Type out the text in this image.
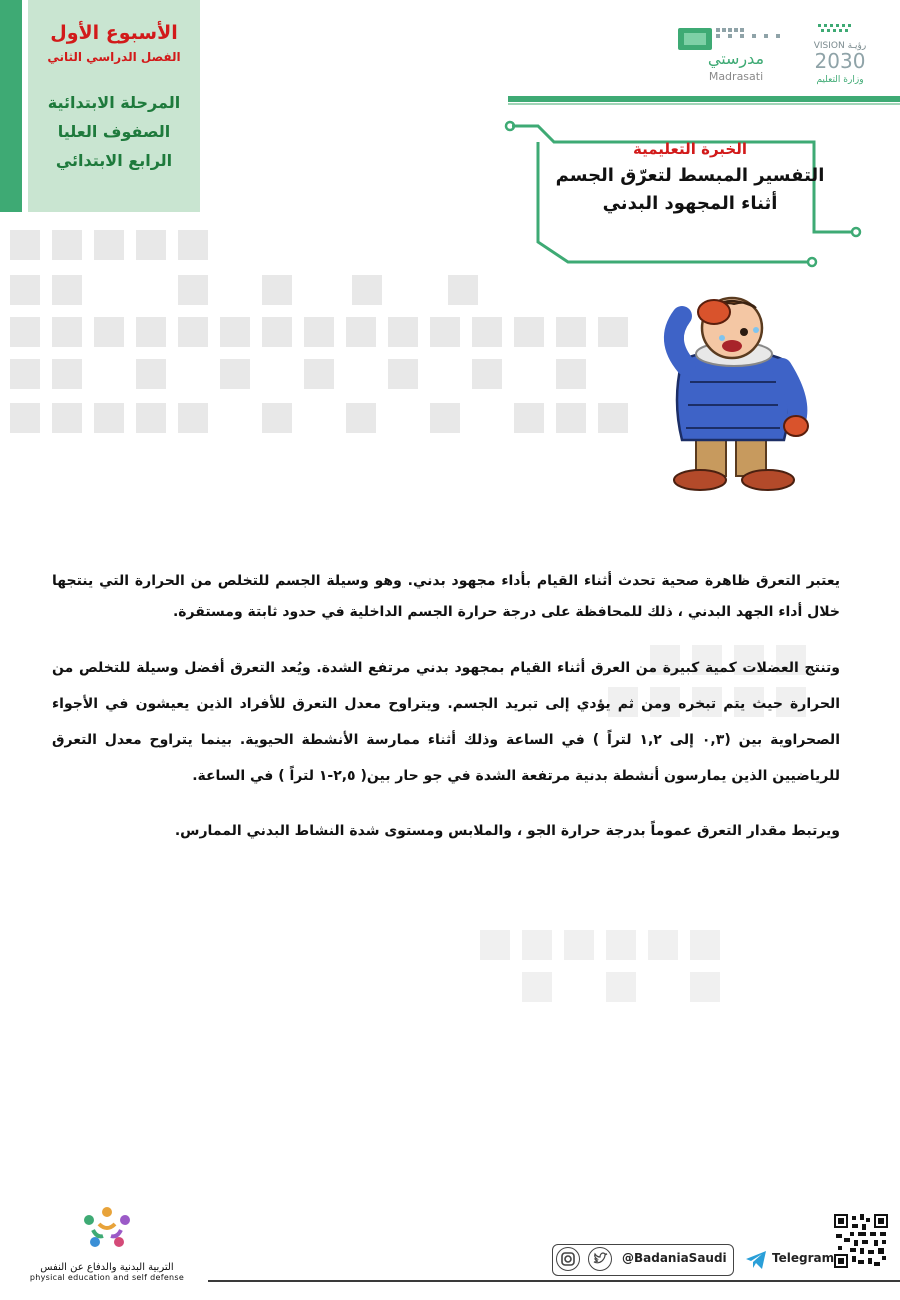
الأسبوع الأول
الفصل الدراسي الثاني
المرحلة الابتدائية
الصفوف العليا
الرابع الابتدائي
مدرستي
Madrasati
VISION رؤيـة
2030
وزارة التعليم
الخبرة التعليمية
التفسير المبسط لتعرّق الجسم
أثناء المجهود البدني

يعتبر التعرق ظاهرة صحية تحدث أثناء القيام بأداء مجهود بدني. وهو وسيلة الجسم للتخلص من الحرارة التي ينتجها خلال أداء الجهد البدني ، ذلك للمحافظة على درجة حرارة الجسم الداخلية في حدود ثابتة ومستقرة.

وتنتج العضلات كمية كبيرة من العرق أثناء القيام بمجهود بدني مرتفع الشدة. ويُعد التعرق أفضل وسيلة للتخلص من الحرارة حيث يتم تبخره ومن ثم يؤدي إلى تبريد الجسم. ويتراوح معدل التعرق للأفراد الذين يعيشون في الأجواء الصحراوية بين (٠,٣ إلى ١,٢ لتراً ) في الساعة وذلك أثناء ممارسة الأنشطة الحيوية. بينما يتراوح معدل التعرق للرياضيين الذين يمارسون أنشطة بدنية مرتفعة الشدة في جو حار بين( ٢,٥-١ لتراً ) في الساعة.

ويرتبط مقدار التعرق عموماً بدرجة حرارة الجو ، والملابس ومستوى شدة النشاط البدني الممارس.

التربية البدنية والدفاع عن النفس
physical education and self defense
@BadaniaSaudi	Telegram
